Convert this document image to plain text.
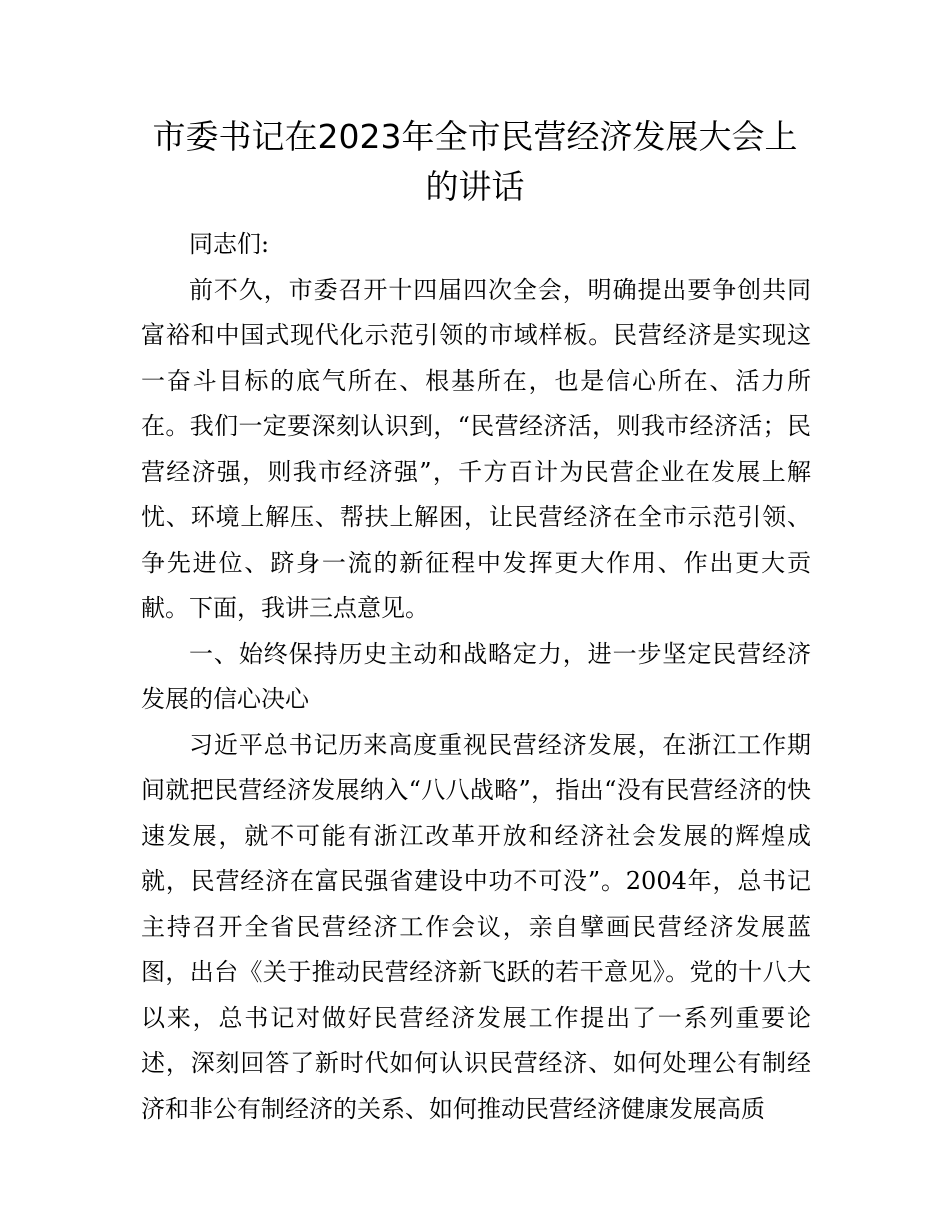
市委书记在2023年全市民营经济发展大会上的讲话

同志们:

前不久，市委召开十四届四次全会，明确提出要争创共同富裕和中国式现代化示范引领的市域样板。民营经济是实现这一奋斗目标的底气所在、根基所在，也是信心所在、活力所在。我们一定要深刻认识到，“民营经济活，则我市经济活；民营经济强，则我市经济强”，千方百计为民营企业在发展上解忧、环境上解压、帮扶上解困，让民营经济在全市示范引领、争先进位、跻身一流的新征程中发挥更大作用、作出更大贡献。下面，我讲三点意见。

一、始终保持历史主动和战略定力，进一步坚定民营经济发展的信心决心

习近平总书记历来高度重视民营经济发展，在浙江工作期间就把民营经济发展纳入“八八战略”，指出“没有民营经济的快速发展，就不可能有浙江改革开放和经济社会发展的辉煌成就，民营经济在富民强省建设中功不可没”。2004年，总书记主持召开全省民营经济工作会议，亲自擘画民营经济发展蓝图，出台《关于推动民营经济新飞跃的若干意见》。党的十八大以来，总书记对做好民营经济发展工作提出了一系列重要论述，深刻回答了新时代如何认识民营经济、如何处理公有制经济和非公有制经济的关系、如何推动民营经济健康发展高质
